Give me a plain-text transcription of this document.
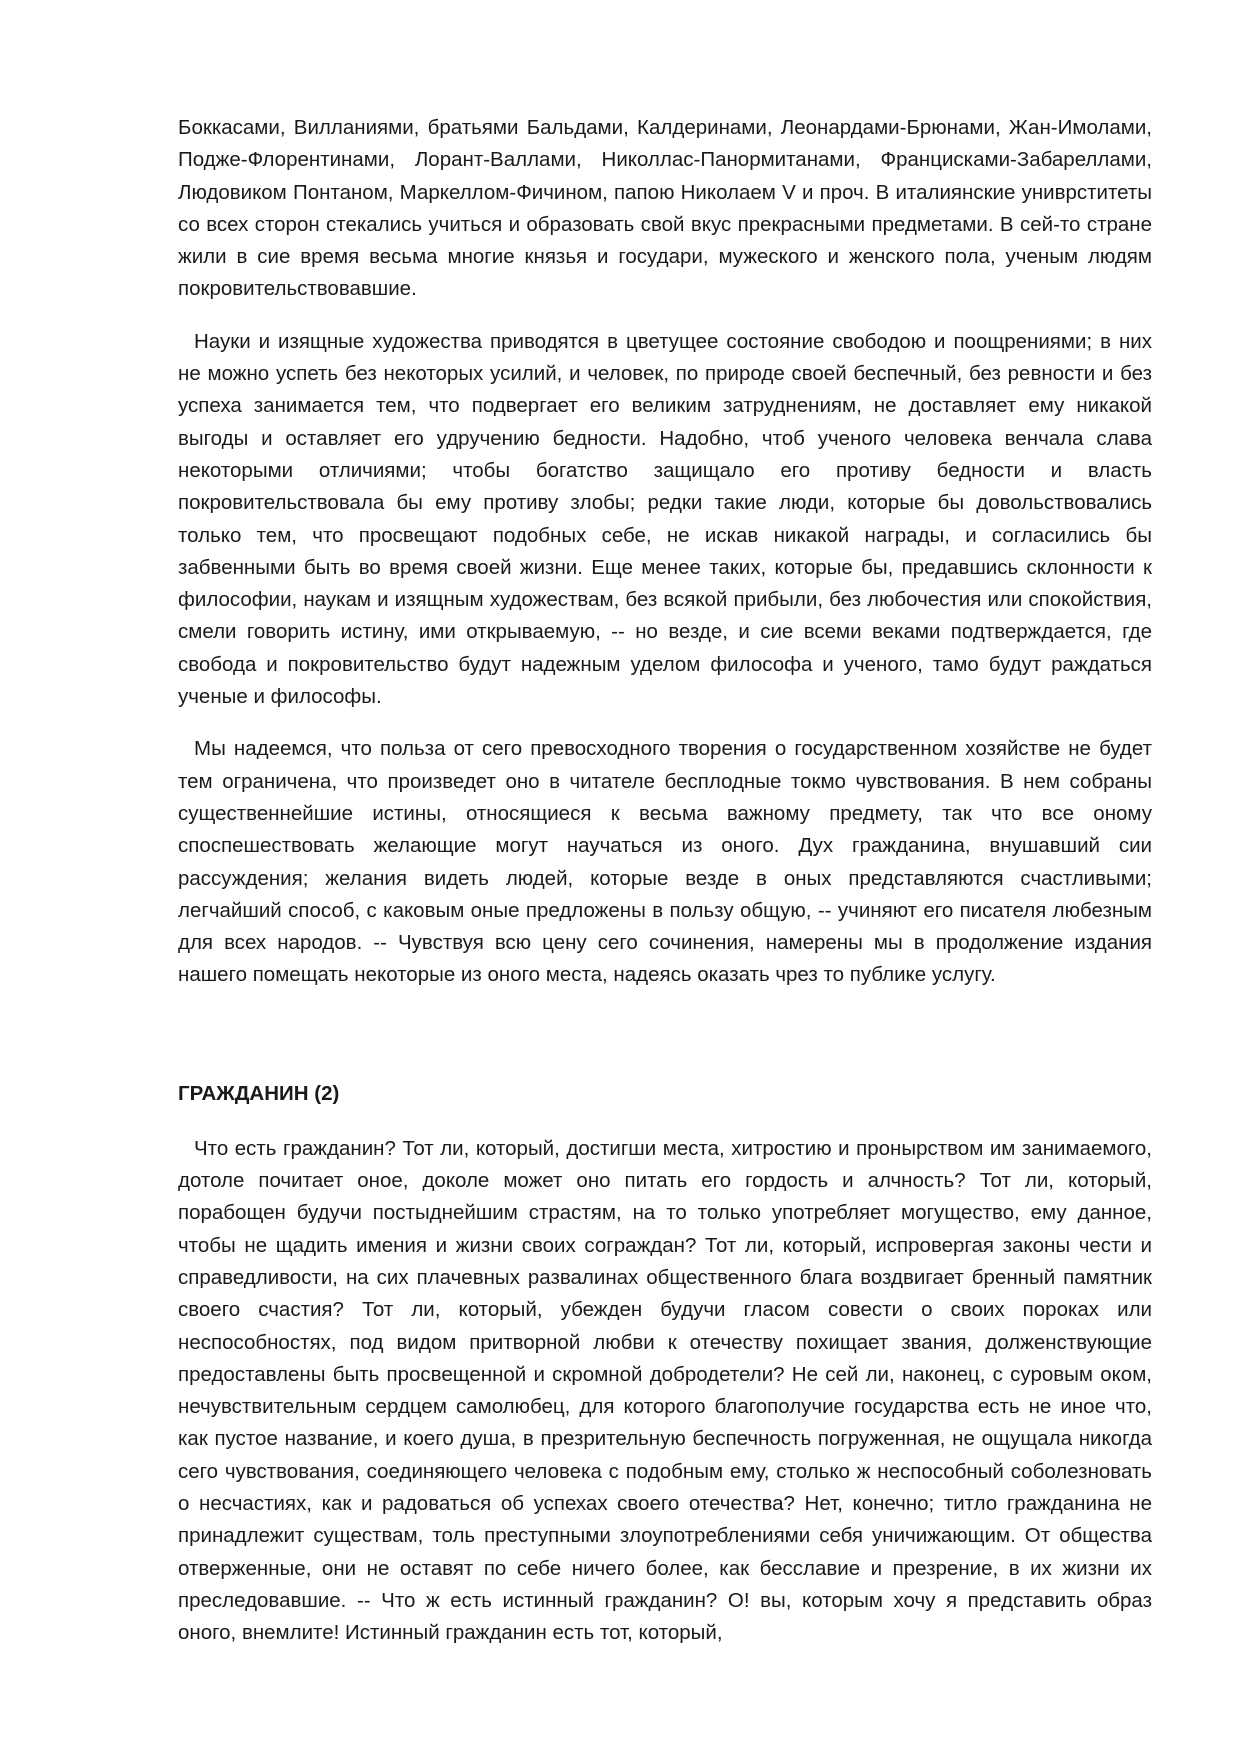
Боккасами, Вилланиями, братьями Бальдами, Калдеринами, Леонардами-Брюнами, Жан-Имолами, Подже-Флорентинами, Лорант-Валлами, Николлас-Панормитанами, Францисками-Забареллами, Людовиком Понтаном, Маркеллом-Фичином, папою Николаем V и проч. В италиянские униврститеты со всех сторон стекались учиться и образовать свой вкус прекрасными предметами. В сей-то стране жили в сие время весьма многие князья и государи, мужеского и женского пола, ученым людям покровительствовавшие.

Науки и изящные художества приводятся в цветущее состояние свободою и поощрениями; в них не можно успеть без некоторых усилий, и человек, по природе своей беспечный, без ревности и без успеха занимается тем, что подвергает его великим затруднениям, не доставляет ему никакой выгоды и оставляет его удручению бедности. Надобно, чтоб ученого человека венчала слава некоторыми отличиями; чтобы богатство защищало его противу бедности и власть покровительствовала бы ему противу злобы; редки такие люди, которые бы довольствовались только тем, что просвещают подобных себе, не искав никакой награды, и согласились бы забвенными быть во время своей жизни. Еще менее таких, которые бы, предавшись склонности к философии, наукам и изящным художествам, без всякой прибыли, без любочестия или спокойствия, смели говорить истину, ими открываемую, -- но везде, и сие всеми веками подтверждается, где свобода и покровительство будут надежным уделом философа и ученого, тамо будут раждаться ученые и философы.

Мы надеемся, что польза от сего превосходного творения о государственном хозяйстве не будет тем ограничена, что произведет оно в читателе бесплодные токмо чувствования. В нем собраны существеннейшие истины, относящиеся к весьма важному предмету, так что все оному споспешествовать желающие могут научаться из оного. Дух гражданина, внушавший сии рассуждения; желания видеть людей, которые везде в оных представляются счастливыми; легчайший способ, с каковым оные предложены в пользу общую, -- учиняют его писателя любезным для всех народов. -- Чувствуя всю цену сего сочинения, намерены мы в продолжение издания нашего помещать некоторые из оного места, надеясь оказать чрез то публике услугу.

ГРАЖДАНИН (2)

Что есть гражданин? Тот ли, который, достигши места, хитростию и пронырством им занимаемого, дотоле почитает оное, доколе может оно питать его гордость и алчность? Тот ли, который, порабощен будучи постыднейшим страстям, на то только употребляет могущество, ему данное, чтобы не щадить имения и жизни своих сограждан? Тот ли, который, испровергая законы чести и справедливости, на сих плачевных развалинах общественного блага воздвигает бренный памятник своего счастия? Тот ли, который, убежден будучи гласом совести о своих пороках или неспособностях, под видом притворной любви к отечеству похищает звания, долженствующие предоставлены быть просвещенной и скромной добродетели? Не сей ли, наконец, с суровым оком, нечувствительным сердцем самолюбец, для которого благополучие государства есть не иное что, как пустое название, и коего душа, в презрительную беспечность погруженная, не ощущала никогда сего чувствования, соединяющего человека с подобным ему, столько ж неспособный соболезновать о несчастиях, как и радоваться об успехах своего отечества? Нет, конечно; титло гражданина не принадлежит существам, толь преступными злоупотреблениями себя уничижающим. От общества отверженные, они не оставят по себе ничего более, как бесславие и презрение, в их жизни их преследовавшие. -- Что ж есть истинный гражданин? О! вы, которым хочу я представить образ оного, внемлите! Истинный гражданин есть тот, который,
